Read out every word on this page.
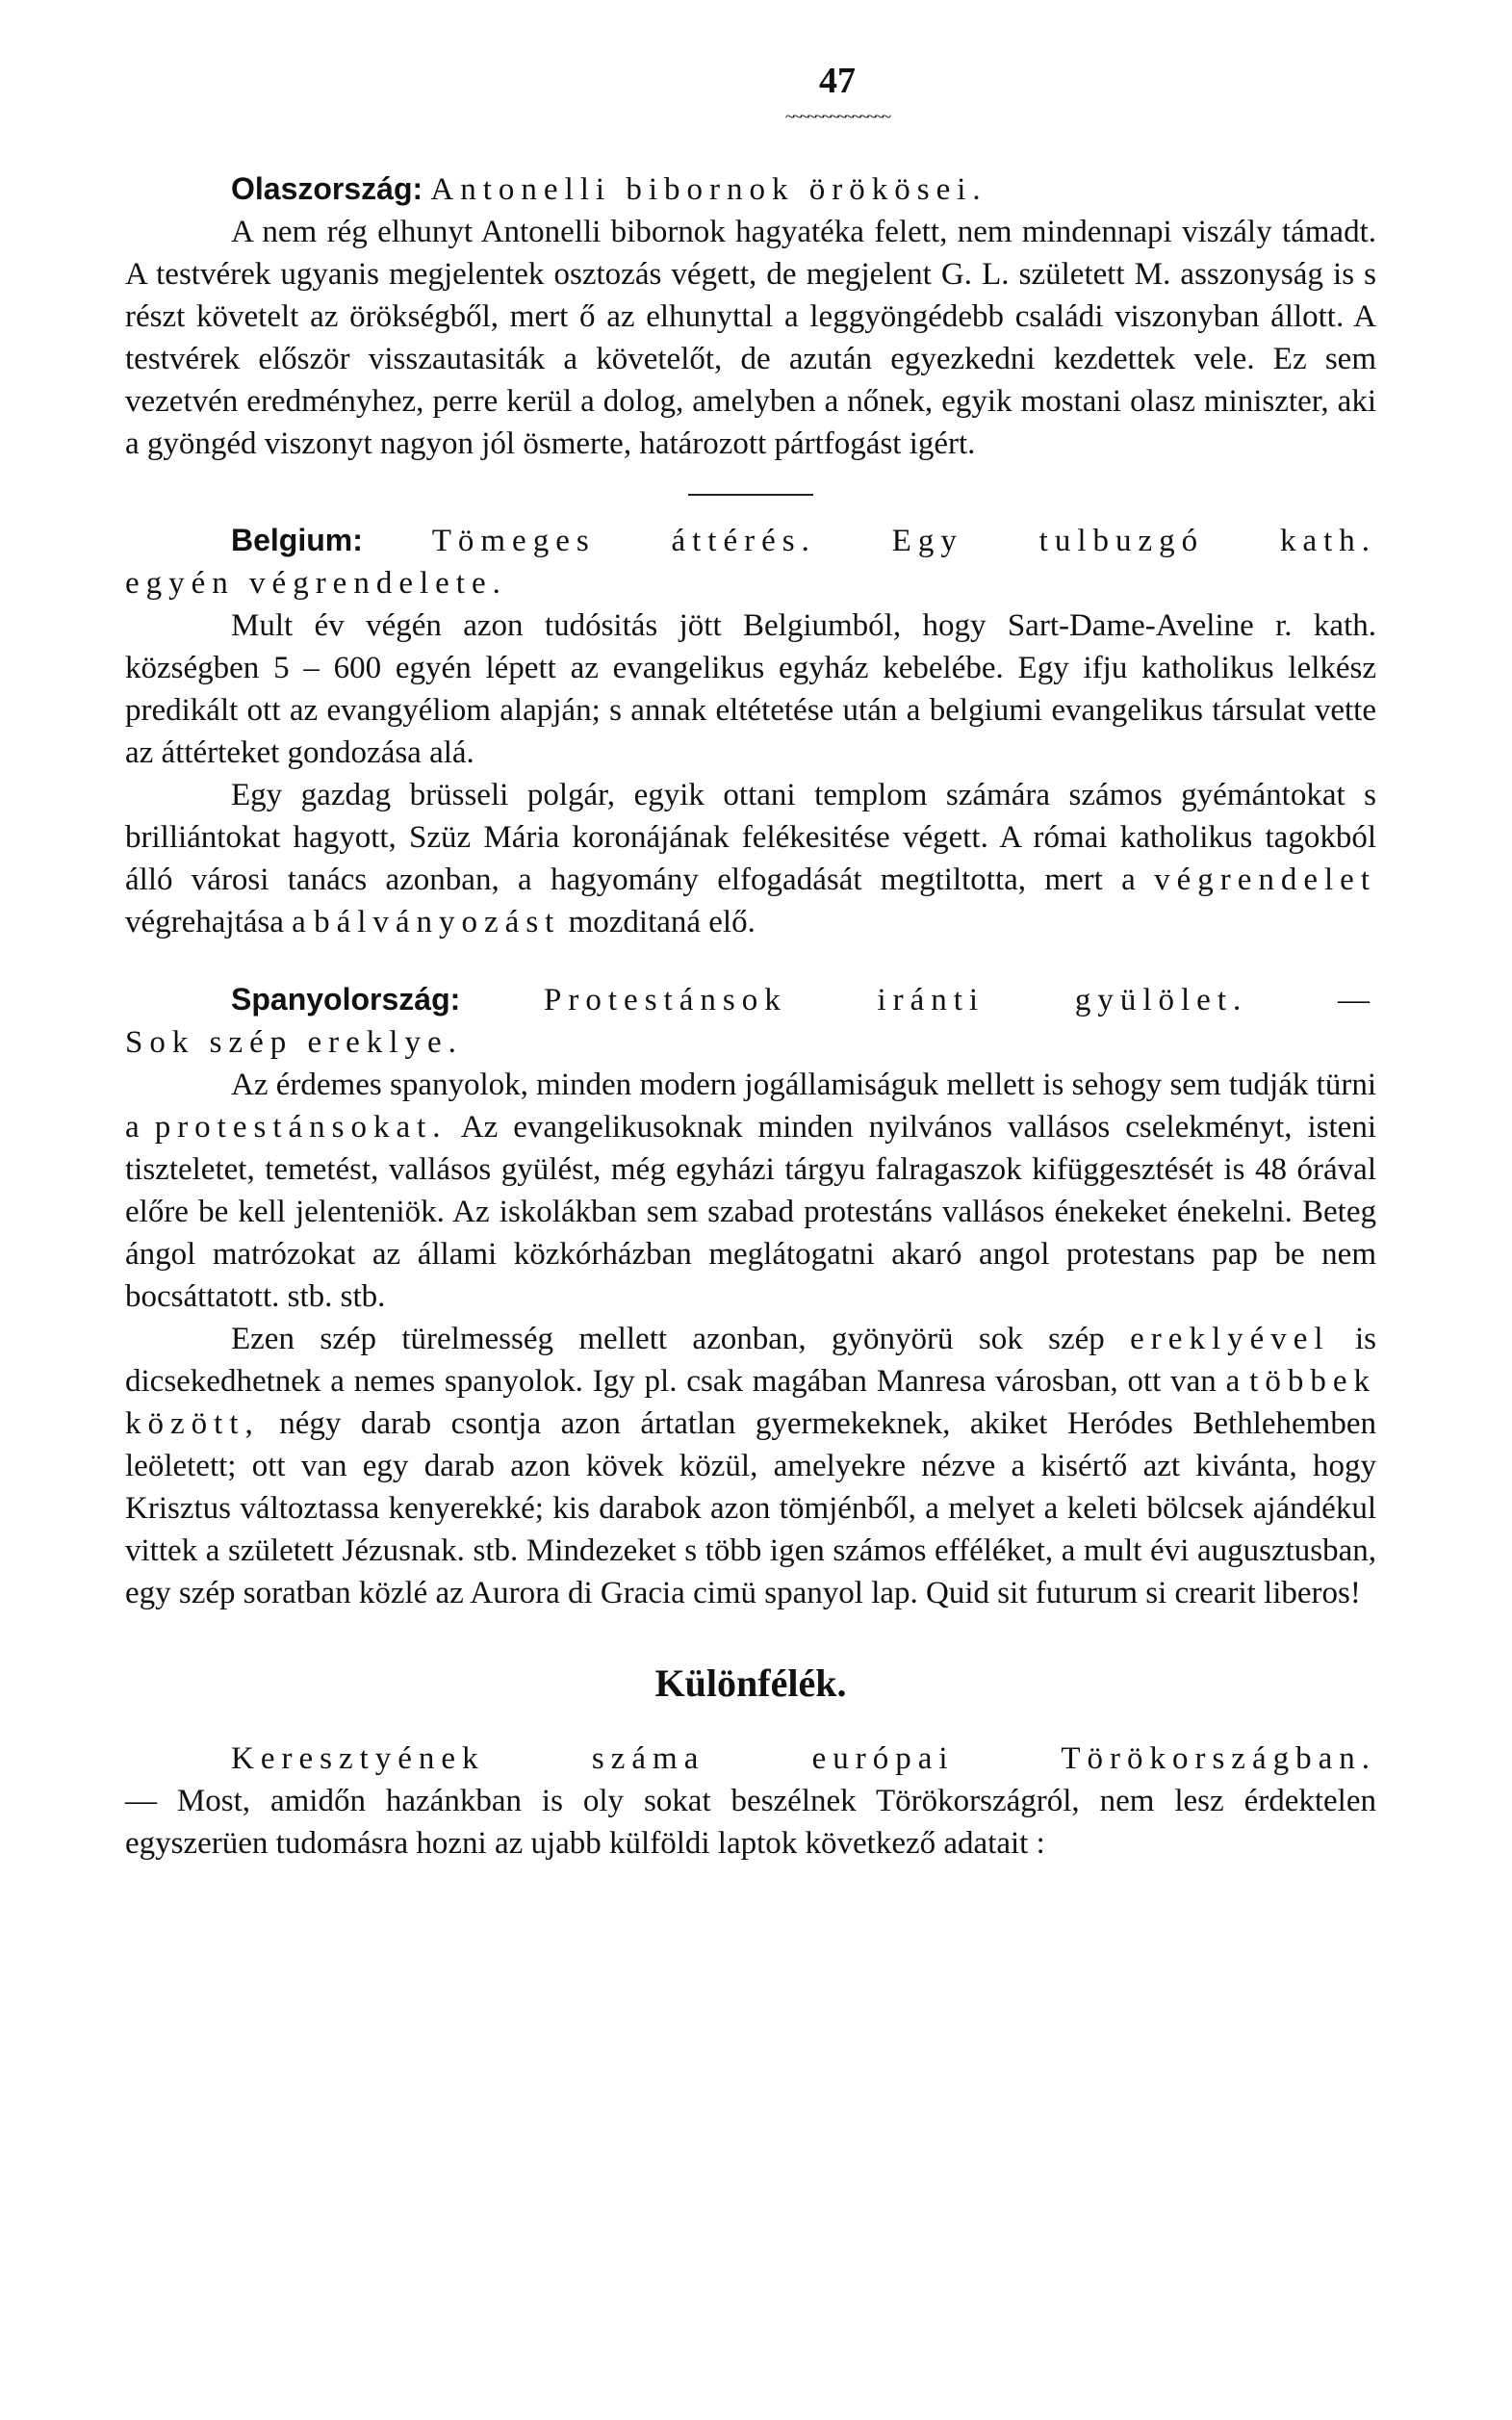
47
~~~~~~~~~~~~~~

Olaszország: Antonelli bibornok örökösei.

A nem rég elhunyt Antonelli bibornok hagyatéka felett, nem mindennapi viszály támadt. A testvérek ugyanis megjelentek osztozás végett, de megjelent G. L. született M. asszonyság is s részt követelt az örökségből, mert ő az elhunyttal a leggyöngédebb családi viszonyban állott. A testvérek először visszautasiták a követelőt, de azután egyezkedni kezdettek vele. Ez sem vezetvén eredményhez, perre kerül a dolog, amelyben a nőnek, egyik mostani olasz miniszter, aki a gyöngéd viszonyt nagyon jól ösmerte, határozott pártfogást igért.

Belgium: Tömeges áttérés. Egy tulbuzgó kath.

egyén végrendelete.

Mult év végén azon tudósitás jött Belgiumból, hogy Sart-Dame-Aveline r. kath. községben 5 – 600 egyén lépett az evangelikus egyház kebelébe. Egy ifju katholikus lelkész predikált ott az evangyéliom alapján; s annak eltétetése után a belgiumi evangelikus társulat vette az áttérteket gondozása alá.

Egy gazdag brüsseli polgár, egyik ottani templom számára számos gyémántokat s brilliántokat hagyott, Szüz Mária koronájának felékesitése végett. A római katholikus tagokból álló városi tanács azonban, a hagyomány elfogadását megtiltotta, mert a végrendelet végrehajtása a bálványozást mozditaná elő.

Spanyolország:	Protestánsok iránti gyülölet. —

Sok szép ereklye.

Az érdemes spanyolok, minden modern jogállamiságuk mellett is sehogy sem tudják türni a protestánsokat. Az evangelikusoknak minden nyilvános vallásos cselekményt, isteni tiszteletet, temetést, vallásos gyülést, még egyházi tárgyu falragaszok kifüggesztését is 48 órával előre be kell jelenteniök. Az iskolákban sem szabad protestáns vallásos énekeket énekelni. Beteg ángol matrózokat az állami közkórházban meglátogatni akaró angol protestans pap be nem bocsáttatott. stb. stb.

Ezen szép türelmesség mellett azonban, gyönyörü sok szép ereklyével is dicsekedhetnek a nemes spanyolok. Igy pl. csak magában Manresa városban, ott van a többek között, négy darab csontja azon ártatlan gyermekeknek, akiket Heródes Bethlehemben leöletett; ott van egy darab azon kövek közül, amelyekre nézve a kisértő azt kivánta, hogy Krisztus változtassa kenyerekké; kis darabok azon tömjénből, a melyet a keleti bölcsek ajándékul vittek a született Jézusnak. stb. Mindezeket s több igen számos efféléket, a mult évi augusztusban, egy szép soratban közlé az Aurora di Gracia cimü spanyol lap. Quid sit futurum si crearit liberos!

Különfélék.

Keresztyének száma európai Törökországban.

— Most, amidőn hazánkban is oly sokat beszélnek Törökországról, nem lesz érdektelen egyszerüen tudomásra hozni az ujabb külföldi laptok következő adatait :
